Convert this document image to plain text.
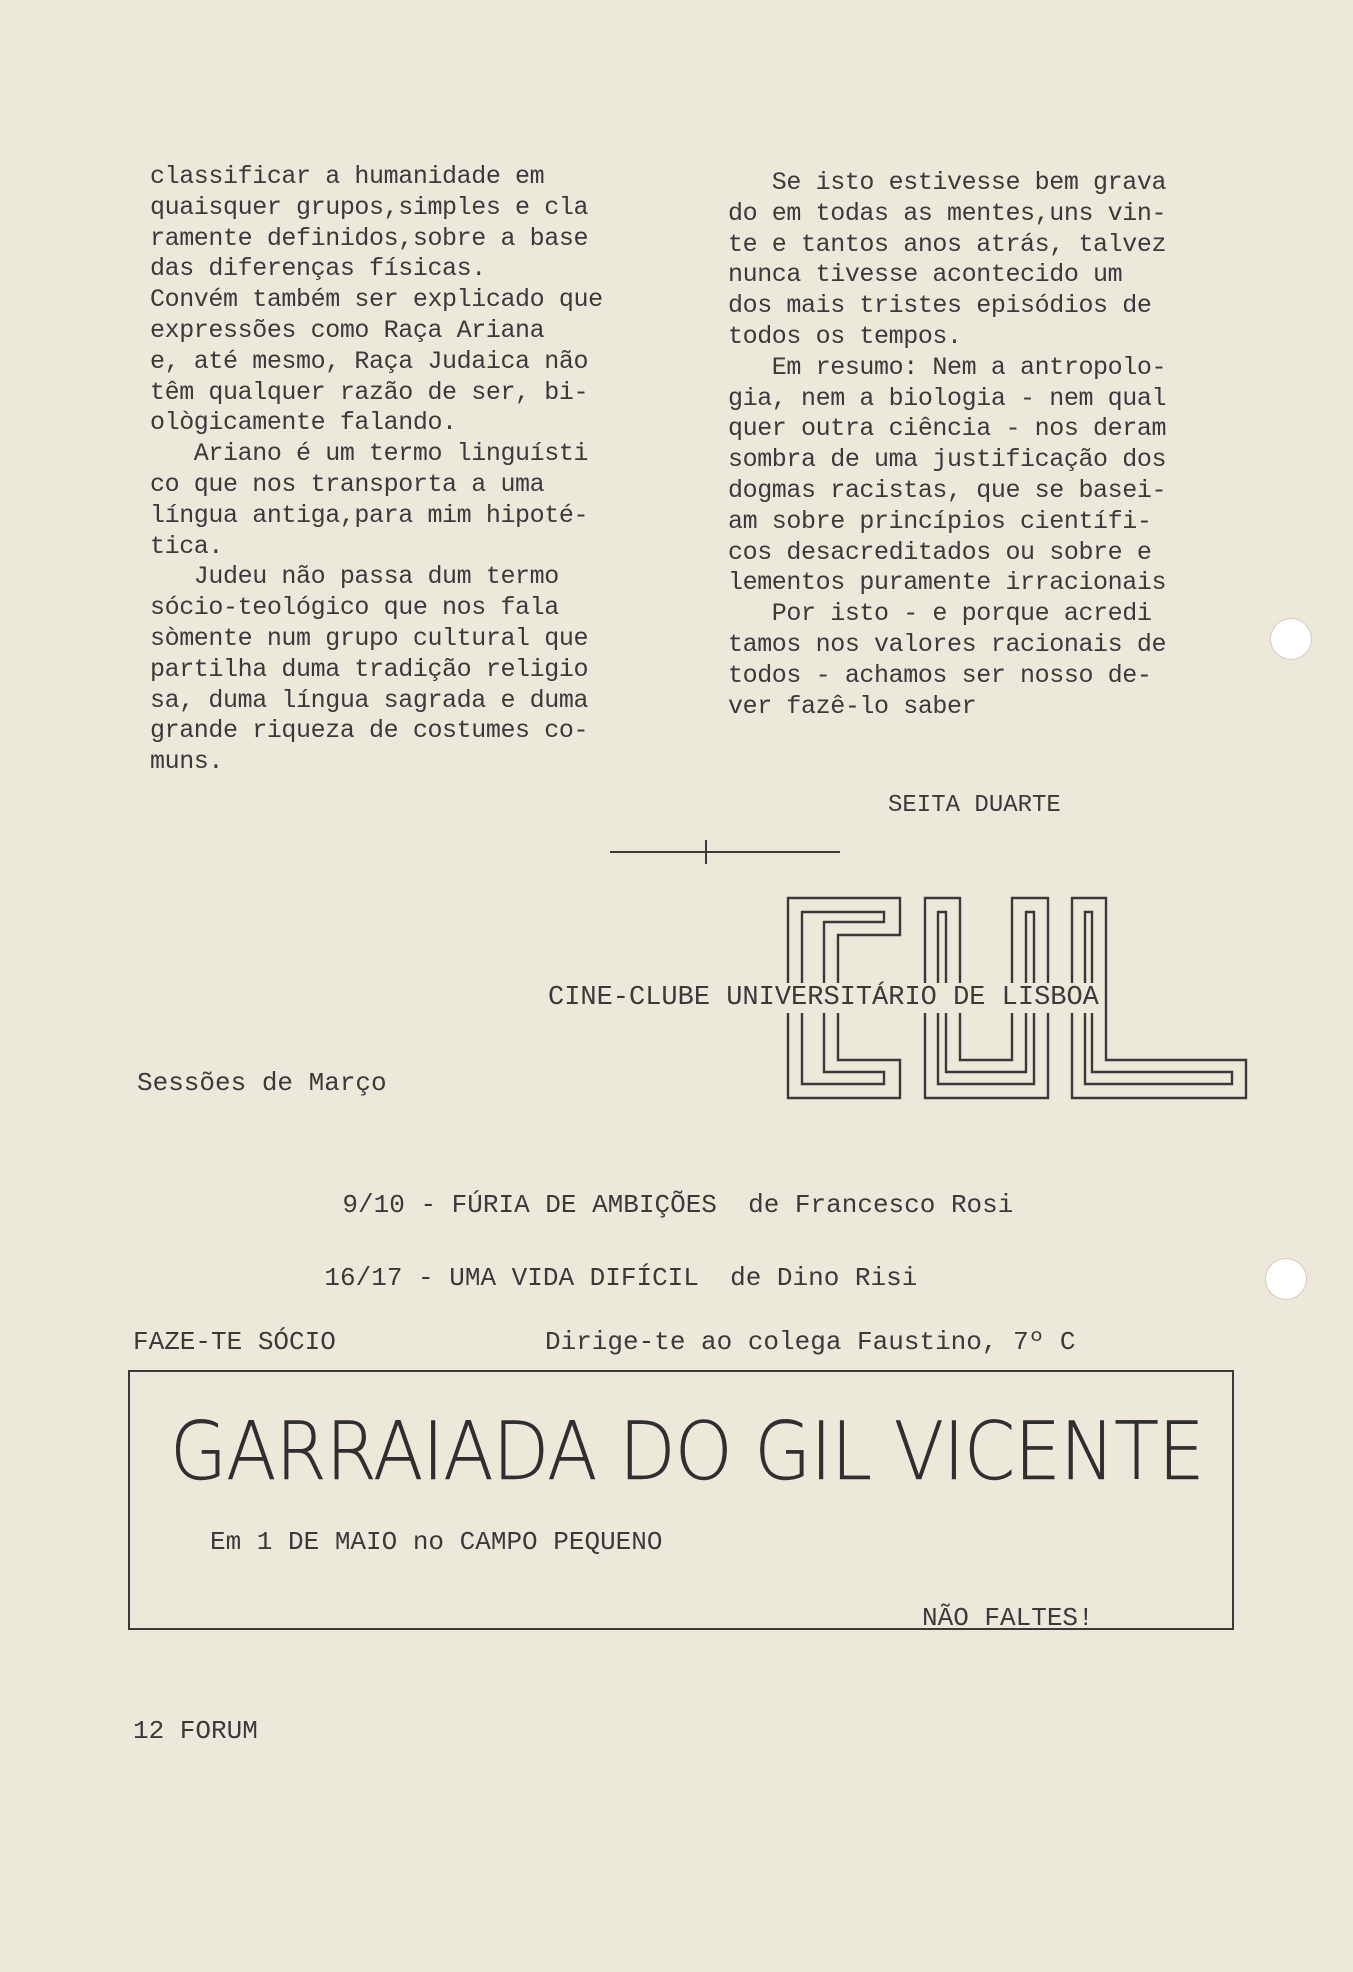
classificar a humanidade em
quaisquer grupos,simples e cla
ramente definidos,sobre a base
das diferenças físicas.
Convém também ser explicado que
expressões como Raça Ariana
e, até mesmo, Raça Judaica não
têm qualquer razão de ser, bi-
ològicamente falando.
Ariano é um termo linguísti
co que nos transporta a uma
língua antiga,para mim hipoté-
tica.
Judeu não passa dum termo
sócio-teológico que nos fala
sòmente num grupo cultural que
partilha duma tradição religio
sa, duma língua sagrada e duma
grande riqueza de costumes co-
muns.
Se isto estivesse bem grava
do em todas as mentes,uns vin-
te e tantos anos atrás, talvez
nunca tivesse acontecido um
dos mais tristes episódios de
todos os tempos.
Em resumo: Nem a antropolo-
gia, nem a biologia - nem qual
quer outra ciência - nos deram
sombra de uma justificação dos
dogmas racistas, que se basei-
am sobre princípios científi-
cos desacreditados ou sobre e
lementos puramente irracionais
Por isto - e porque acredi
tamos nos valores racionais de
todos - achamos ser nosso de-
ver fazê-lo saber
SEITA DUARTE
CINE-CLUBE UNIVERSITÁRIO DE LISBOA
Sessões de Março

9/10 - FÚRIA DE AMBIÇÕES de Francesco Rosi

16/17 - UMA VIDA DIFÍCIL de Dino Risi

FAZE-TE SÓCIO	Dirige-te ao colega Faustino, 7º C
GARRAIADA DO GIL VICENTE
Em 1 DE MAIO no CAMPO PEQUENO
NÃO FALTES!
12 FORUM
